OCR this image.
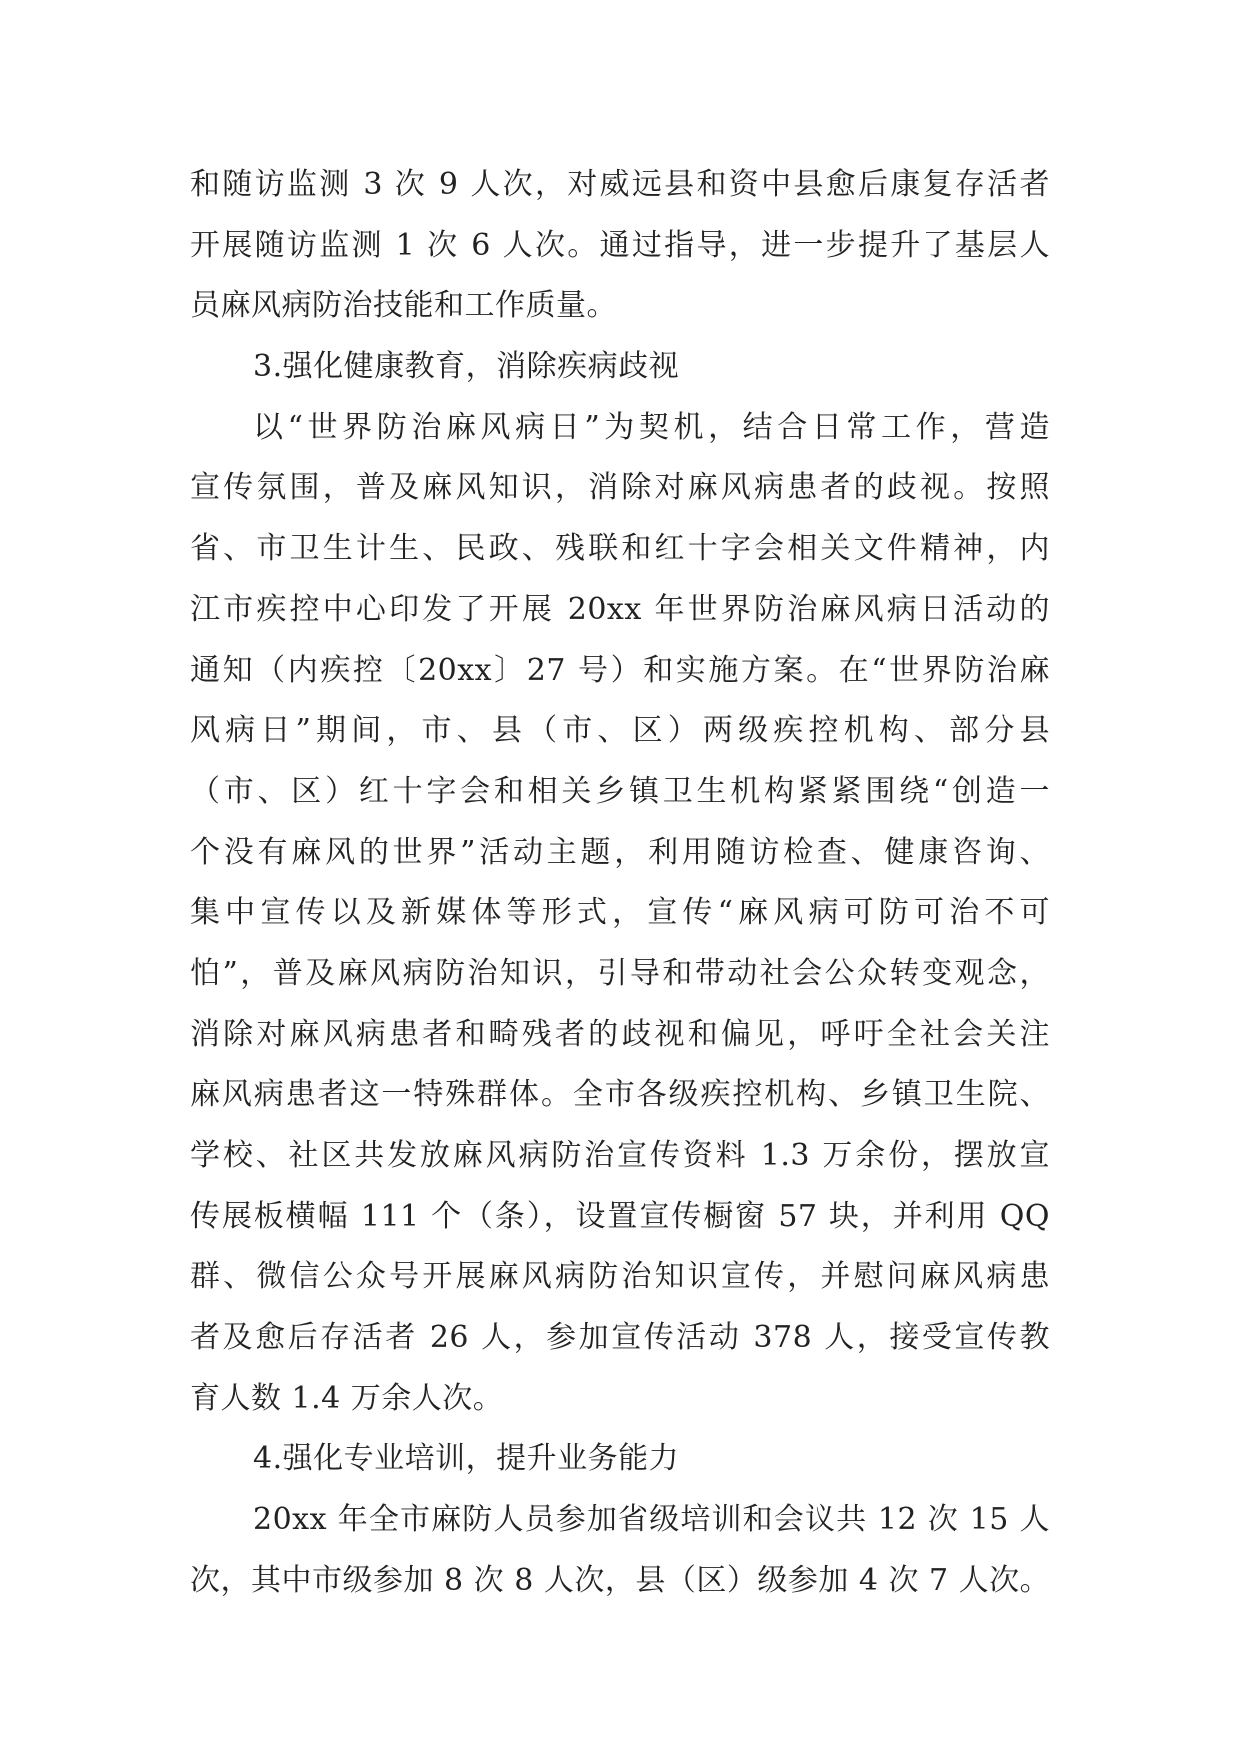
和随访监测 3 次 9 人次，对威远县和资中县愈后康复存活者
开展随访监测 1 次 6 人次。通过指导，进一步提升了基层人
员麻风病防治技能和工作质量。
3.强化健康教育，消除疾病歧视
以“世界防治麻风病日”为契机，结合日常工作，营造
宣传氛围，普及麻风知识，消除对麻风病患者的歧视。按照
省、市卫生计生、民政、残联和红十字会相关文件精神，内
江市疾控中心印发了开展 20xx 年世界防治麻风病日活动的
通知（内疾控〔20xx〕27 号）和实施方案。在“世界防治麻
风病日”期间，市、县（市、区）两级疾控机构、部分县
（市、区）红十字会和相关乡镇卫生机构紧紧围绕“创造一
个没有麻风的世界”活动主题，利用随访检查、健康咨询、
集中宣传以及新媒体等形式，宣传“麻风病可防可治不可
怕”，普及麻风病防治知识，引导和带动社会公众转变观念，
消除对麻风病患者和畸残者的歧视和偏见，呼吁全社会关注
麻风病患者这一特殊群体。全市各级疾控机构、乡镇卫生院、
学校、社区共发放麻风病防治宣传资料 1.3 万余份，摆放宣
传展板横幅 111 个（条），设置宣传橱窗 57 块，并利用 QQ
群、微信公众号开展麻风病防治知识宣传，并慰问麻风病患
者及愈后存活者 26 人，参加宣传活动 378 人，接受宣传教
育人数 1.4 万余人次。
4.强化专业培训，提升业务能力
20xx 年全市麻防人员参加省级培训和会议共 12 次 15 人
次，其中市级参加 8 次 8 人次，县（区）级参加 4 次 7 人次。
